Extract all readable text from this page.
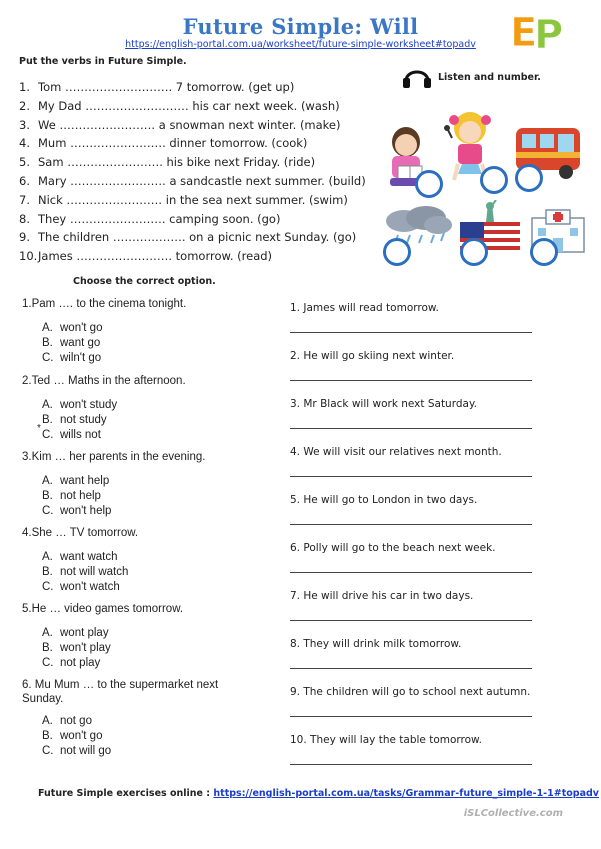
Future Simple: Will
https://english-portal.com.ua/worksheet/future-simple-worksheet#topadv E
P
Put the verbs in Future Simple.
1. Tom ………………………. 7 tomorrow. (get up)
2. My Dad ……………………… his car next week. (wash)
3. We ……………………. a snowman next winter. (make)
4. Mum ……………………. dinner tomorrow. (cook)
5. Sam ……………………. his bike next Friday. (ride)
6. Mary ……………………. a sandcastle next summer. (build)
7. Nick ……………………. in the sea next summer. (swim)
8. They ……………………. camping soon. (go)
9. The children ………………. on a picnic next Sunday. (go)
10.James ……………………. tomorrow. (read)
Listen and number.
Choose the correct option.
1.Pam …. to the cinema tonight.
A. won't go
B. want go
C. wiln't go
2.Ted … Maths in the afternoon.
A. won't study
B. not study
*
C. wills not
3.Kim … her parents in the evening.
A. want help
B. not help
C. won't help
4.She … TV tomorrow.
A. want watch
B. not will watch
C. won't watch
5.He … video games tomorrow.
A. wont play
B. won't play
C. not play
6. Mu Mum … to the supermarket next Sunday.
A. not go
B. won't go
C. not will go
1. James will read tomorrow.
2. He will go skiing next winter.
3. Mr Black will work next Saturday.
4. We will visit our relatives next month.
5. He will go to London in two days.
6. Polly will go to the beach next week.
7. He will drive his car in two days.
8. They will drink milk tomorrow.
9. The children will go to school next autumn.
10. They will lay the table tomorrow.
Future Simple exercises online : https://english-portal.com.ua/tasks/Grammar-future_simple-1-1#topadv
iSLCollective.com
